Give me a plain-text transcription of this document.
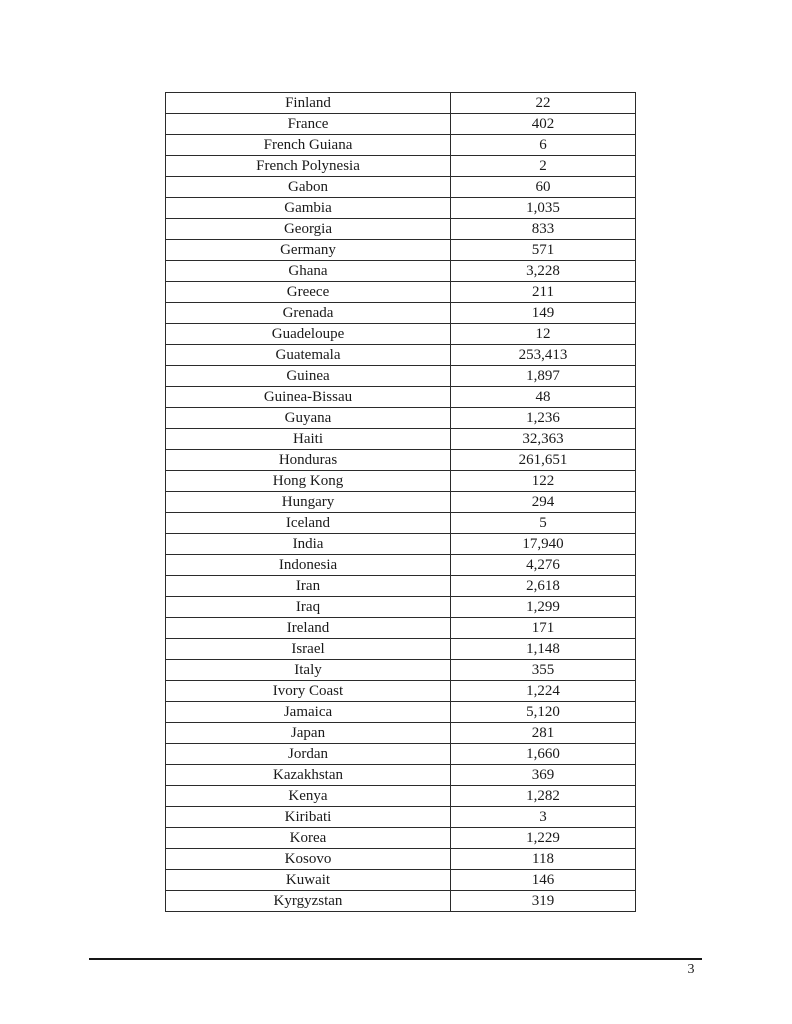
Finland	22
France	402
French Guiana	6
French Polynesia	2
Gabon	60
Gambia	1,035
Georgia	833
Germany	571
Ghana	3,228
Greece	211
Grenada	149
Guadeloupe	12
Guatemala	253,413
Guinea	1,897
Guinea-Bissau	48
Guyana	1,236
Haiti	32,363
Honduras	261,651
Hong Kong	122
Hungary	294
Iceland	5
India	17,940
Indonesia	4,276
Iran	2,618
Iraq	1,299
Ireland	171
Israel	1,148
Italy	355
Ivory Coast	1,224
Jamaica	5,120
Japan	281
Jordan	1,660
Kazakhstan	369
Kenya	1,282
Kiribati	3
Korea	1,229
Kosovo	118
Kuwait	146
Kyrgyzstan	319
3
